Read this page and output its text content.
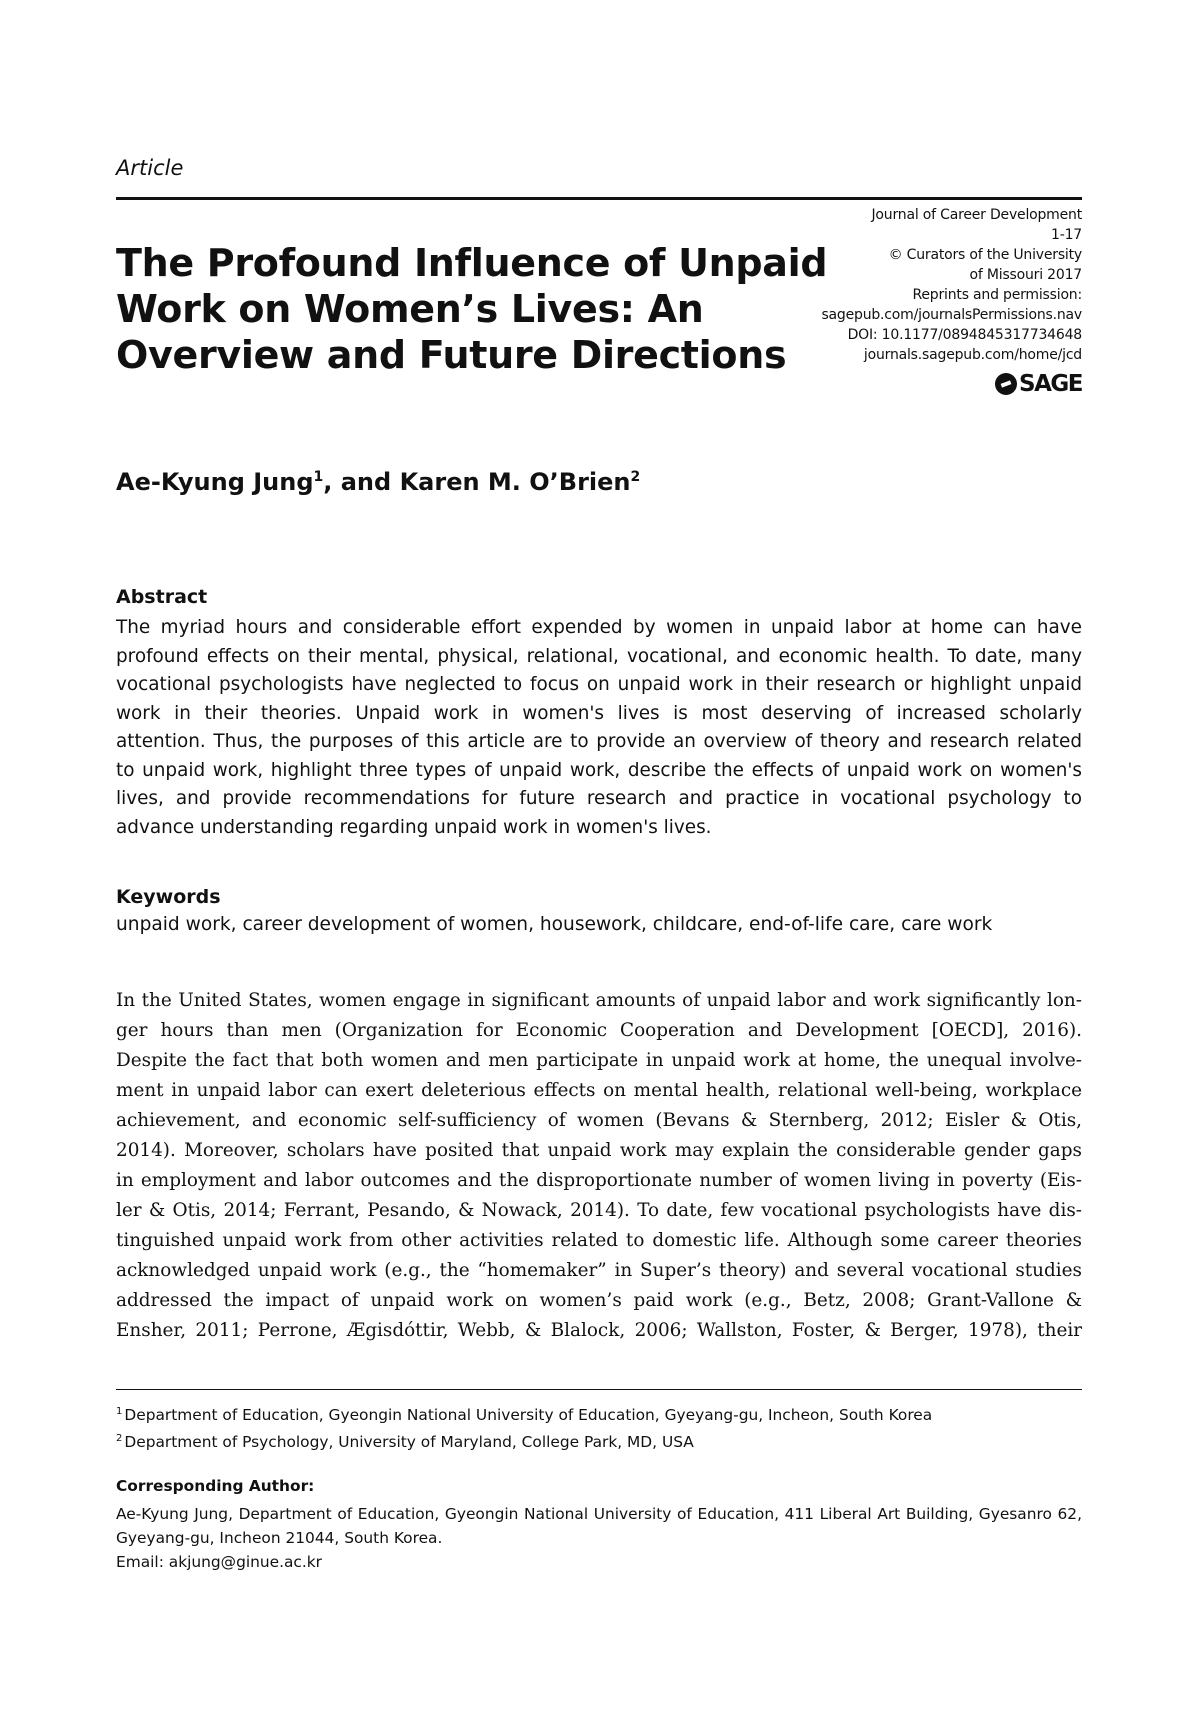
Article
Journal of Career Development
1-17
© Curators of the University
of Missouri 2017
Reprints and permission:
sagepub.com/journalsPermissions.nav
DOI: 10.1177/0894845317734648
journals.sagepub.com/home/jcd
SAGE
The Profound Influence of Unpaid
Work on Women’s Lives: An
Overview and Future Directions
Ae-Kyung Jung$^1$, and Karen M. O’Brien$^2$
Abstract
The myriad hours and considerable effort expended by women in unpaid labor at home can have
profound effects on their mental, physical, relational, vocational, and economic health. To date, many
vocational psychologists have neglected to focus on unpaid work in their research or highlight unpaid
work in their theories. Unpaid work in women's lives is most deserving of increased scholarly
attention. Thus, the purposes of this article are to provide an overview of theory and research related
to unpaid work, highlight three types of unpaid work, describe the effects of unpaid work on women's
lives, and provide recommendations for future research and practice in vocational psychology to
advance understanding regarding unpaid work in women's lives.
Keywords
unpaid work, career development of women, housework, childcare, end-of-life care, care work
In the United States, women engage in significant amounts of unpaid labor and work significantly lon-
ger hours than men (Organization for Economic Cooperation and Development [OECD], 2016).
Despite the fact that both women and men participate in unpaid work at home, the unequal involve-
ment in unpaid labor can exert deleterious effects on mental health, relational well-being, workplace
achievement, and economic self-sufficiency of women (Bevans & Sternberg, 2012; Eisler & Otis,
2014). Moreover, scholars have posited that unpaid work may explain the considerable gender gaps
in employment and labor outcomes and the disproportionate number of women living in poverty (Eis-
ler & Otis, 2014; Ferrant, Pesando, & Nowack, 2014). To date, few vocational psychologists have dis-
tinguished unpaid work from other activities related to domestic life. Although some career theories
acknowledged unpaid work (e.g., the “homemaker” in Super’s theory) and several vocational studies
addressed the impact of unpaid work on women’s paid work (e.g., Betz, 2008; Grant-Vallone &
Ensher, 2011; Perrone, Ægisdóttir, Webb, & Blalock, 2006; Wallston, Foster, & Berger, 1978), their
$^1$ Department of Education, Gyeongin National University of Education, Gyeyang-gu, Incheon, South Korea
$^2$ Department of Psychology, University of Maryland, College Park, MD, USA
Corresponding Author:
Ae-Kyung Jung, Department of Education, Gyeongin National University of Education, 411 Liberal Art Building, Gyesanro 62,
Gyeyang-gu, Incheon 21044, South Korea.
Email: akjung@ginue.ac.kr
